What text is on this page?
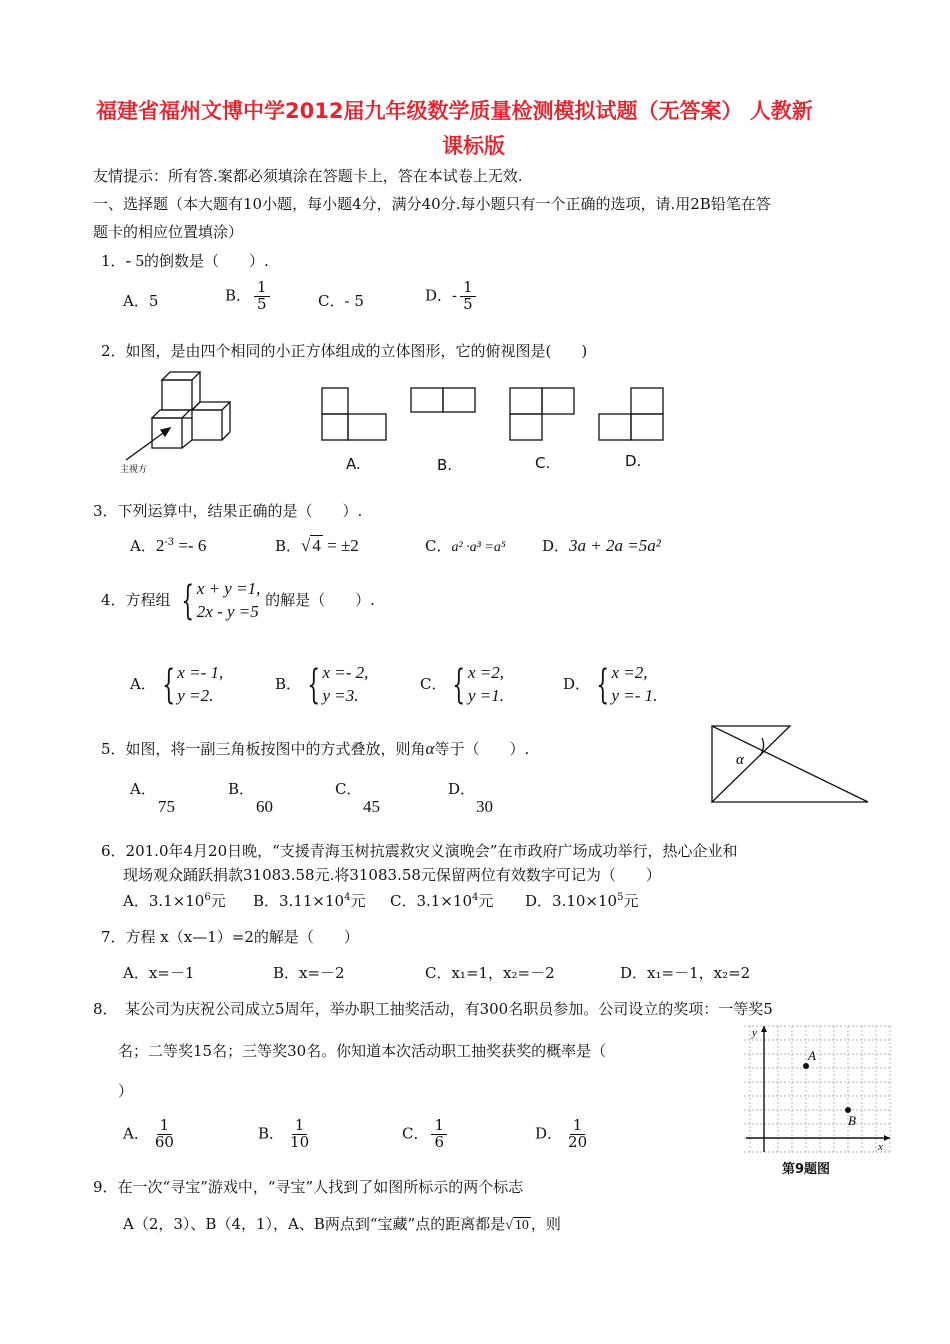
福建省福州文博中学2012届九年级数学质量检测模拟试题（无答案） 人教新
课标版
友情提示：所有答.案都必须填涂在答题卡上，答在本试卷上无效.
一、选择题（本大题有10小题，每小题4分，满分40分.每小题只有一个正确的选项，请.用2B铅笔在答
题卡的相应位置填涂）
1．- 5的倒数是（　　）.
A．5	B． $\frac{1}{5}$	C．- 5	D．- $\frac{1}{5}$
2．如图，是由四个相同的小正方体组成的立体图形，它的俯视图是(　　)
主视方	A.	B.	C.	D.
3．下列运算中，结果正确的是（　　）.
A．$2^{-3} =- 6$	B．√ 4 = ±2	C．a² ·a³ =a⁵ D．3a + 2a =5a²
4．方程组 { x + y =1,
2x - y =5
的解是（　　）.
A． { x =- 1,
y =2.
B． { x =- 2,
y =3.
C． { x =2,
y =1.
D． { x =2,
y =- 1.
5．如图，将一副三角板按图中的方式叠放，则角α等于（　　）.
α
A．
75
B．
60
C．
45
D．
30
6．201.0年4月20日晚，“支援青海玉树抗震救灾义演晚会”在市政府广场成功举行，热心企业和
现场观众踊跃捐款31083.58元.将31083.58元保留两位有效数字可记为（　　）
A．$3.1\times 10^6$元 B．$3.11\times 10^4$元 C．$3.1\times 10^4$元 D．$3.10\times 10^5$元
7．方程 x（x—1）=2的解是（　　）
A．x=－1	B．x=－2	C．x₁=1，x₂=－2	D．x₁=－1，x₂=2
8．　某公司为庆祝公司成立5周年，举办职工抽奖活动，有300名职员参加。公司设立的奖项：一等奖5
名；二等奖15名；三等奖30名。你知道本次活动职工抽奖获奖的概率是（
）
A． $\frac{1}{60}$	B． $\frac{1}{10}$	C． $\frac{1}{6}$	D． $\frac{1}{20}$
y
x
A
B
第9题图
9．在一次“寻宝”游戏中，“寻宝”人找到了如图所标示的两个标志
A（2，3）、B（4，1），A、B两点到“宝藏”点的距离都是√ 10 ，则
